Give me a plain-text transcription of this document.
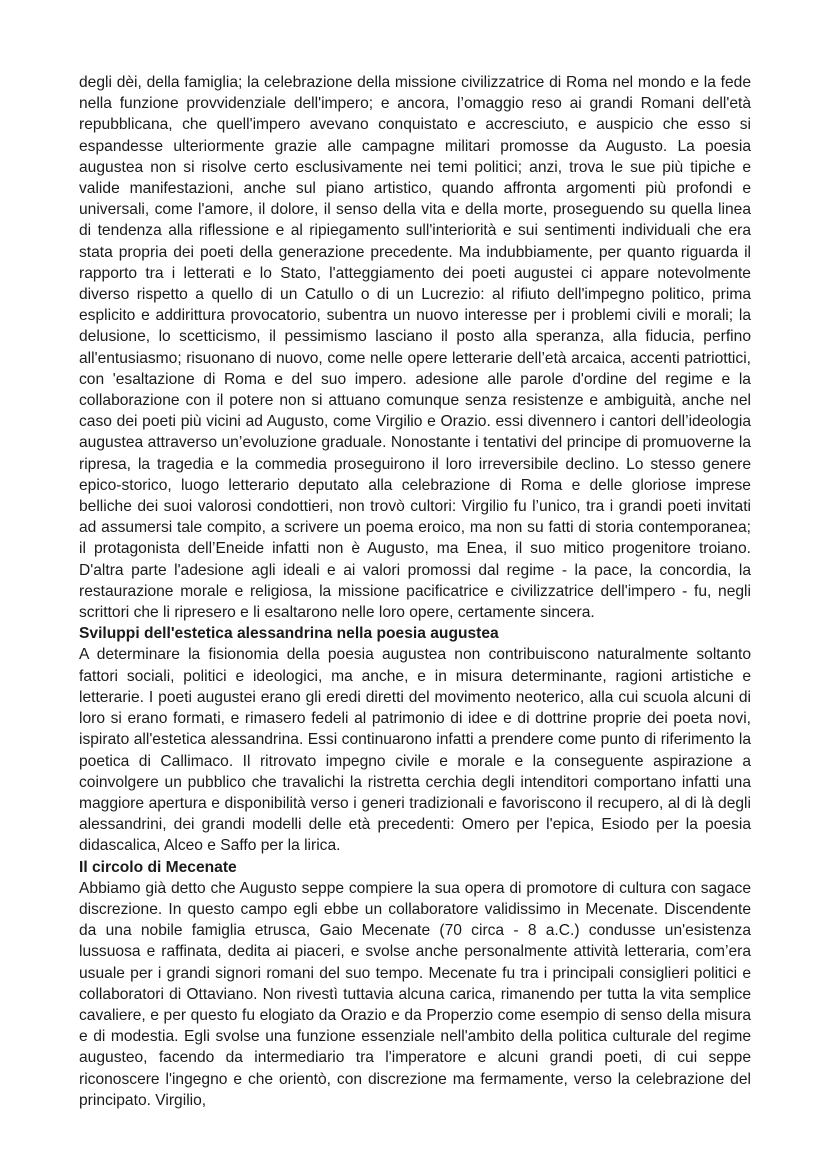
degli dèi, della famiglia; la celebrazione della missione civilizzatrice di Roma nel mondo e la fede nella funzione provvidenziale dell'impero; e ancora, l’omaggio reso ai grandi Romani dell'età repubblicana, che quell'impero avevano conquistato e accresciuto, e auspicio che esso si espandesse ulteriormente grazie alle campagne militari promosse da Augusto. La poesia augustea non si risolve certo esclusivamente nei temi politici; anzi, trova le sue più tipiche e valide manifestazioni, anche sul piano artistico, quando affronta argomenti più profondi e universali, come l'amore, il dolore, il senso della vita e della morte, proseguendo su quella linea di tendenza alla riflessione e al ripiegamento sull'interiorità e sui sentimenti individuali che era stata propria dei poeti della generazione precedente. Ma indubbiamente, per quanto riguarda il rapporto tra i letterati e lo Stato, l'atteggiamento dei poeti augustei ci appare notevolmente diverso rispetto a quello di un Catullo o di un Lucrezio: al rifiuto dell'impegno politico, prima esplicito e addirittura provocatorio, subentra un nuovo interesse per i problemi civili e morali; la delusione, lo scetticismo, il pessimismo lasciano il posto alla speranza, alla fiducia, perfino all'entusiasmo; risuonano di nuovo, come nelle opere letterarie dell’età arcaica, accenti patriottici, con 'esaltazione di Roma e del suo impero. adesione alle parole d'ordine del regime e la collaborazione con il potere non si attuano comunque senza resistenze e ambiguità, anche nel caso dei poeti più vicini ad Augusto, come Virgilio e Orazio. essi divennero i cantori dell’ideologia augustea attraverso un’evoluzione graduale. Nonostante i tentativi del principe di promuoverne la ripresa, la tragedia e la commedia proseguirono il loro irreversibile declino. Lo stesso genere epico-storico, luogo letterario deputato alla celebrazione di Roma e delle gloriose imprese belliche dei suoi valorosi condottieri, non trovò cultori: Virgilio fu l’unico, tra i grandi poeti invitati ad assumersi tale compito, a scrivere un poema eroico, ma non su fatti di storia contemporanea; il protagonista dell’Eneide infatti non è Augusto, ma Enea, il suo mitico progenitore troiano. D'altra parte l'adesione agli ideali e ai valori promossi dal regime - la pace, la concordia, la restaurazione morale e religiosa, la missione pacificatrice e civilizzatrice dell'impero - fu, negli scrittori che li ripresero e li esaltarono nelle loro opere, certamente sincera.

Sviluppi dell'estetica alessandrina nella poesia augustea

A determinare la fisionomia della poesia augustea non contribuiscono naturalmente soltanto fattori sociali, politici e ideologici, ma anche, e in misura determinante, ragioni artistiche e letterarie. I poeti augustei erano gli eredi diretti del movimento neoterico, alla cui scuola alcuni di loro si erano formati, e rimasero fedeli al patrimonio di idee e di dottrine proprie dei poeta novi, ispirato all'estetica alessandrina. Essi continuarono infatti a prendere come punto di riferimento la poetica di Callimaco. Il ritrovato impegno civile e morale e la conseguente aspirazione a coinvolgere un pubblico che travalichi la ristretta cerchia degli intenditori comportano infatti una maggiore apertura e disponibilità verso i generi tradizionali e favoriscono il recupero, al di là degli alessandrini, dei grandi modelli delle età precedenti: Omero per l'epica, Esiodo per la poesia didascalica, Alceo e Saffo per la lirica.

Il circolo di Mecenate

Abbiamo già detto che Augusto seppe compiere la sua opera di promotore di cultura con sagace discrezione. In questo campo egli ebbe un collaboratore validissimo in Mecenate. Discendente da una nobile famiglia etrusca, Gaio Mecenate (70 circa - 8 a.C.) condusse un'esistenza lussuosa e raffinata, dedita ai piaceri, e svolse anche personalmente attività letteraria, com’era usuale per i grandi signori romani del suo tempo. Mecenate fu tra i principali consiglieri politici e collaboratori di Ottaviano. Non rivestì tuttavia alcuna carica, rimanendo per tutta la vita semplice cavaliere, e per questo fu elogiato da Orazio e da Properzio come esempio di senso della misura e di modestia. Egli svolse una funzione essenziale nell'ambito della politica culturale del regime augusteo, facendo da intermediario tra l'imperatore e alcuni grandi poeti, di cui seppe riconoscere l'ingegno e che orientò, con discrezione ma fermamente, verso la celebrazione del principato. Virgilio,
